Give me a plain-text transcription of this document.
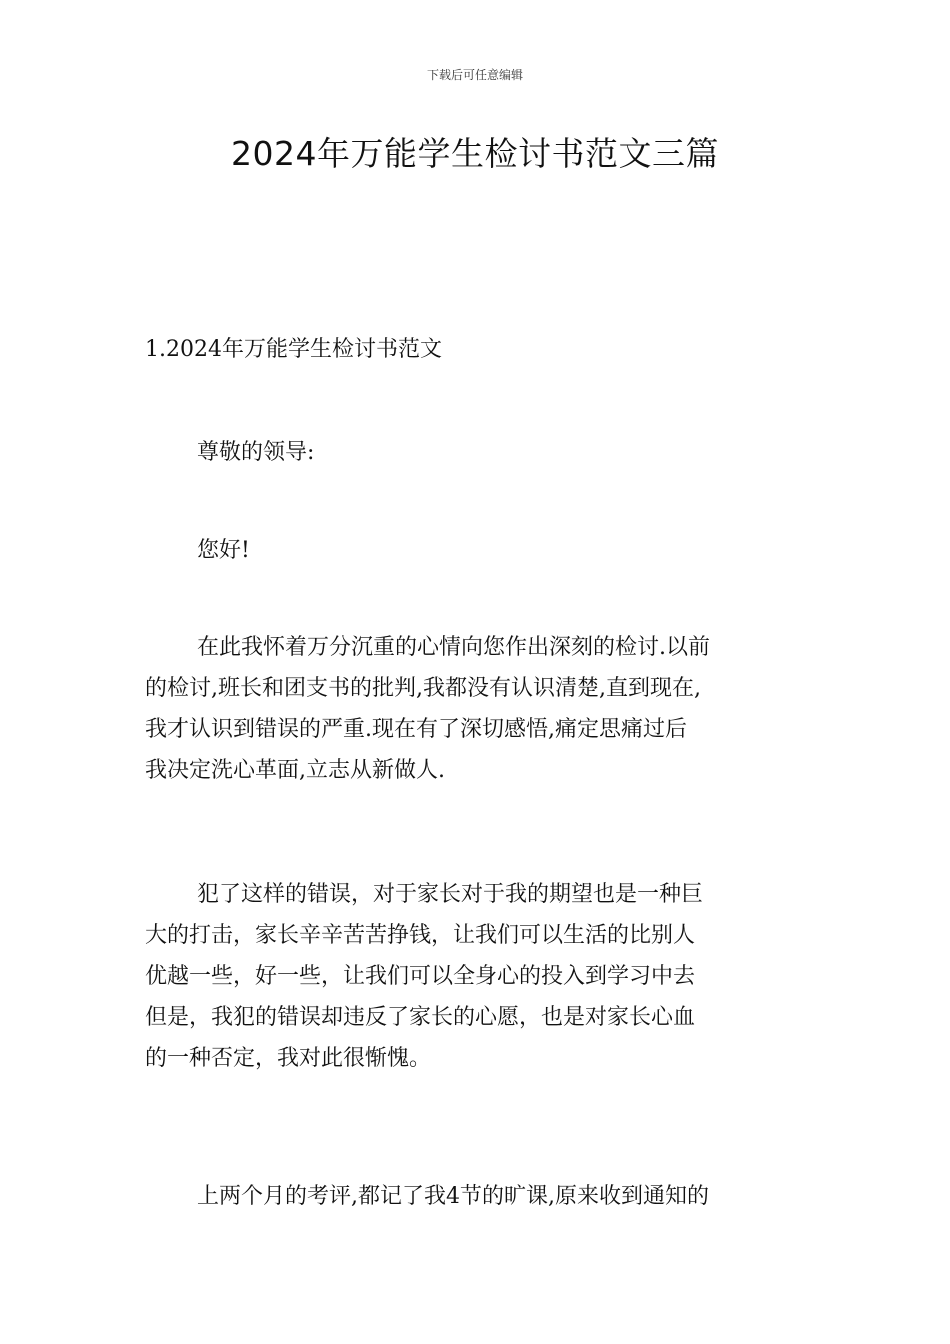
下载后可任意编辑
2024年万能学生检讨书范文三篇
1.2024年万能学生检讨书范文
尊敬的领导:
您好!
在此我怀着万分沉重的心情向您作出深刻的检讨.以前
的检讨,班长和团支书的批判,我都没有认识清楚,直到现在,
我才认识到错误的严重.现在有了深切感悟,痛定思痛过后
我决定洗心革面,立志从新做人.
犯了这样的错误，对于家长对于我的期望也是一种巨
大的打击，家长辛辛苦苦挣钱，让我们可以生活的比别人
优越一些，好一些，让我们可以全身心的投入到学习中去
但是，我犯的错误却违反了家长的心愿，也是对家长心血
的一种否定，我对此很惭愧。
上两个月的考评,都记了我4节的旷课,原来收到通知的
